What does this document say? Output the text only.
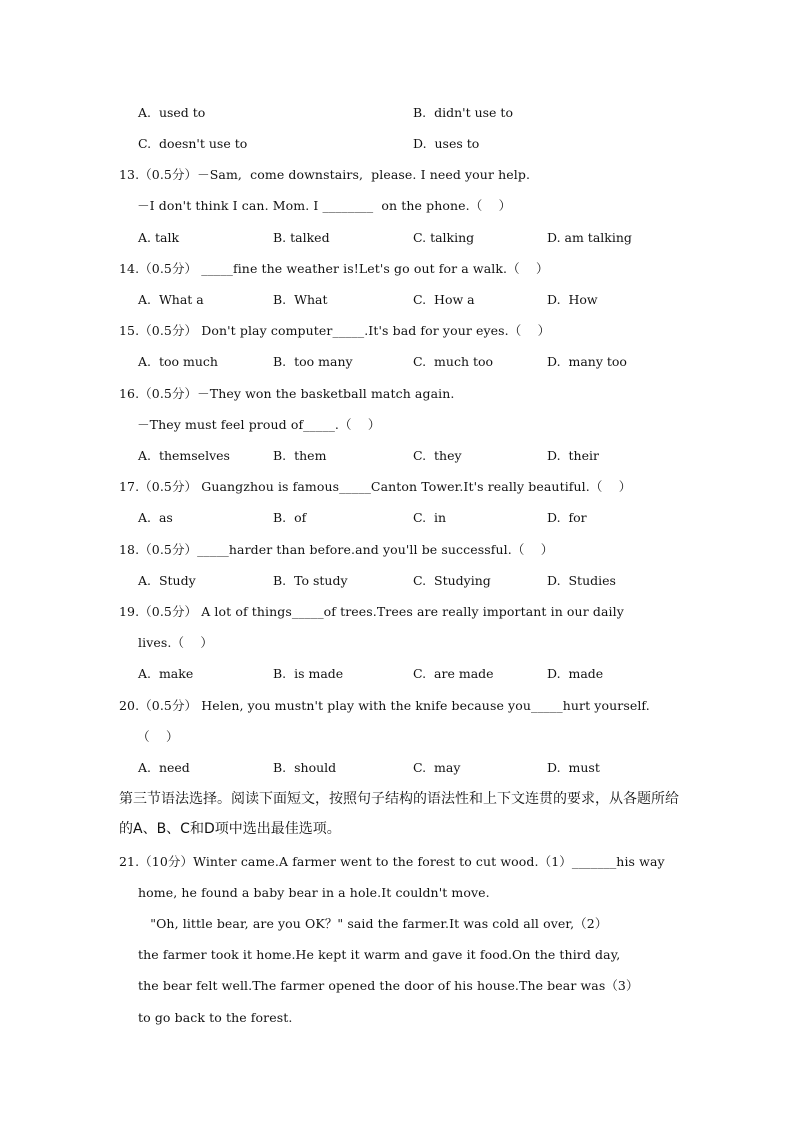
A.  used to	B.  didn't use to
C.  doesn't use to	D.  uses to
13.（0.5分）－Sam,  come downstairs,  please. I need your help.
－I don't think I can. Mom. I ________  on the phone.（    ）
A. talk	B. talked	C. talking	D. am talking
14.（0.5分） _____fine the weather is!Let's go out for a walk.（    ）
A.  What a	B.  What	C.  How a	D.  How
15.（0.5分） Don't play computer_____.It's bad for your eyes.（    ）
A.  too much	B.  too many	C.  much too	D.  many too
16.（0.5分）－They won the basketball match again.
－They must feel proud of_____.（    ）
A.  themselves	B.  them	C.  they	D.  their
17.（0.5分） Guangzhou is famous_____Canton Tower.It's really beautiful.（    ）
A.  as	B.  of	C.  in	D.  for
18.（0.5分）_____harder than before.and you'll be successful.（    ）
A.  Study	B.  To study	C.  Studying	D.  Studies
19.（0.5分） A lot of things_____of trees.Trees are really important in our daily
lives.（    ）
A.  make	B.  is made	C.  are made	D.  made
20.（0.5分） Helen, you mustn't play with the knife because you_____hurt yourself.
（    ）
A.  need	B.  should	C.  may	D.  must
第三节语法选择。阅读下面短文，按照句子结构的语法性和上下文连贯的要求，从各题所给
的A、B、C和D项中选出最佳选项。
21.（10分）Winter came.A farmer went to the forest to cut wood.（1）_______his way
home, he found a baby bear in a hole.It couldn't move.
"Oh, little bear, are you OK？" said the farmer.It was cold all over,（2）
the farmer took it home.He kept it warm and gave it food.On the third day,
the bear felt well.The farmer opened the door of his house.The bear was（3）
to go back to the forest.
